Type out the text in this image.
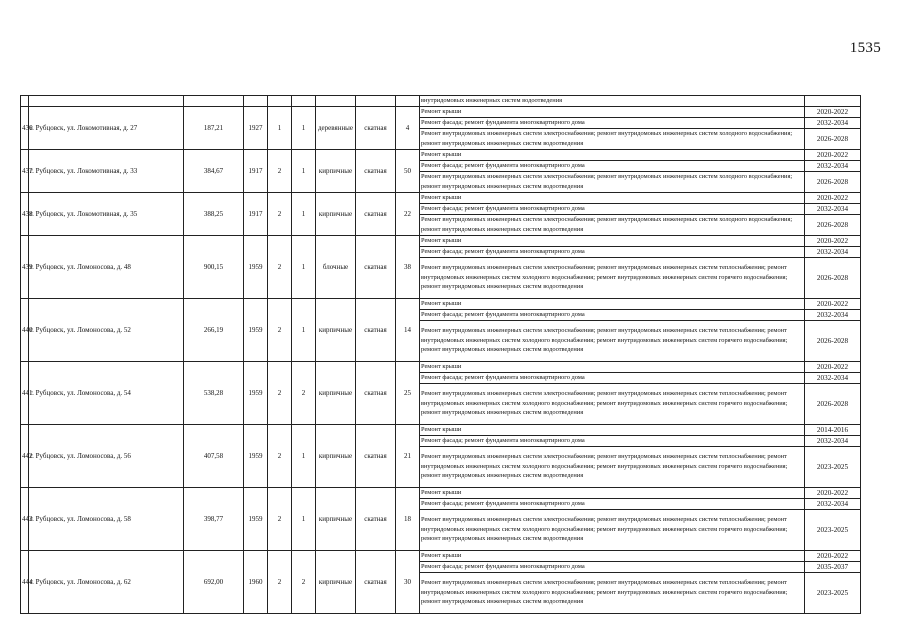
1535
									внутридомовых инженерных систем водоотведения	
436	г. Рубцовск, ул. Локомотивная, д. 27	187,21	1927	1	1	деревянные	скатная	4	Ремонт крыши	2020-2022
									Ремонт фасада; ремонт фундамента многоквартирного дома	2032-2034
									Ремонт внутридомовых инженерных систем электроснабжения; ремонт внутридомовых инженерных систем холодного водоснабжения; ремонт внутридомовых инженерных систем водоотведения	2026-2028
437	г. Рубцовск, ул. Локомотивная, д. 33	384,67	1917	2	1	кирпичные	скатная	50	Ремонт крыши	2020-2022
									Ремонт фасада; ремонт фундамента многоквартирного дома	2032-2034
									Ремонт внутридомовых инженерных систем электроснабжения; ремонт внутридомовых инженерных систем холодного водоснабжения; ремонт внутридомовых инженерных систем водоотведения	2026-2028
438	г. Рубцовск, ул. Локомотивная, д. 35	388,25	1917	2	1	кирпичные	скатная	22	Ремонт крыши	2020-2022
									Ремонт фасада; ремонт фундамента многоквартирного дома	2032-2034
									Ремонт внутридомовых инженерных систем электроснабжения; ремонт внутридомовых инженерных систем холодного водоснабжения; ремонт внутридомовых инженерных систем водоотведения	2026-2028
439	г. Рубцовск, ул. Ломоносова, д. 48	900,15	1959	2	1	блочные	скатная	38	Ремонт крыши	2020-2022
									Ремонт фасада; ремонт фундамента многоквартирного дома	2032-2034
									Ремонт внутридомовых инженерных систем электроснабжения; ремонт внутридомовых инженерных систем теплоснабжения; ремонт внутридомовых инженерных систем холодного водоснабжения; ремонт внутридомовых инженерных систем горячего водоснабжения; ремонт внутридомовых инженерных систем водоотведения	2026-2028
440	г. Рубцовск, ул. Ломоносова, д. 52	266,19	1959	2	1	кирпичные	скатная	14	Ремонт крыши	2020-2022
									Ремонт фасада; ремонт фундамента многоквартирного дома	2032-2034
									Ремонт внутридомовых инженерных систем электроснабжения; ремонт внутридомовых инженерных систем теплоснабжения; ремонт внутридомовых инженерных систем холодного водоснабжения; ремонт внутридомовых инженерных систем горячего водоснабжения; ремонт внутридомовых инженерных систем водоотведения	2026-2028
441	г. Рубцовск, ул. Ломоносова, д. 54	538,28	1959	2	2	кирпичные	скатная	25	Ремонт крыши	2020-2022
									Ремонт фасада; ремонт фундамента многоквартирного дома	2032-2034
									Ремонт внутридомовых инженерных систем электроснабжения; ремонт внутридомовых инженерных систем теплоснабжения; ремонт внутридомовых инженерных систем холодного водоснабжения; ремонт внутридомовых инженерных систем горячего водоснабжения; ремонт внутридомовых инженерных систем водоотведения	2026-2028
442	г. Рубцовск, ул. Ломоносова, д. 56	407,58	1959	2	1	кирпичные	скатная	21	Ремонт крыши	2014-2016
									Ремонт фасада; ремонт фундамента многоквартирного дома	2032-2034
									Ремонт внутридомовых инженерных систем электроснабжения; ремонт внутридомовых инженерных систем теплоснабжения; ремонт внутридомовых инженерных систем холодного водоснабжения; ремонт внутридомовых инженерных систем горячего водоснабжения; ремонт внутридомовых инженерных систем водоотведения	2023-2025
443	г. Рубцовск, ул. Ломоносова, д. 58	398,77	1959	2	1	кирпичные	скатная	18	Ремонт крыши	2020-2022
									Ремонт фасада; ремонт фундамента многоквартирного дома	2032-2034
									Ремонт внутридомовых инженерных систем электроснабжения; ремонт внутридомовых инженерных систем теплоснабжения; ремонт внутридомовых инженерных систем холодного водоснабжения; ремонт внутридомовых инженерных систем горячего водоснабжения; ремонт внутридомовых инженерных систем водоотведения	2023-2025
444	г. Рубцовск, ул. Ломоносова, д. 62	692,00	1960	2	2	кирпичные	скатная	30	Ремонт крыши	2020-2022
									Ремонт фасада; ремонт фундамента многоквартирного дома	2035-2037
									Ремонт внутридомовых инженерных систем электроснабжения; ремонт внутридомовых инженерных систем теплоснабжения; ремонт внутридомовых инженерных систем холодного водоснабжения; ремонт внутридомовых инженерных систем горячего водоснабжения; ремонт внутридомовых инженерных систем водоотведения	2023-2025
